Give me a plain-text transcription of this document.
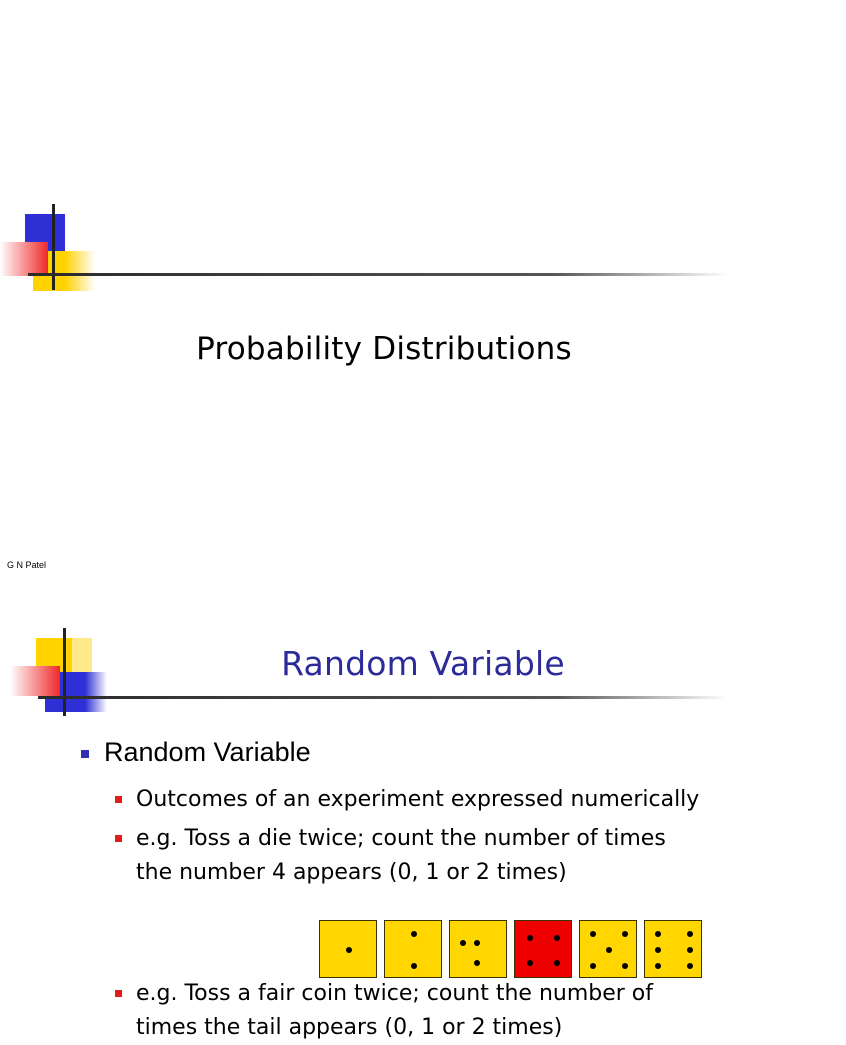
Probability Distributions
G N Patel
Random Variable
Random Variable
Outcomes of an experiment expressed numerically
e.g. Toss a die twice; count the number of times
the number 4 appears (0, 1 or 2 times)
e.g. Toss a fair coin twice; count the number of
times the tail appears (0, 1 or 2 times)
